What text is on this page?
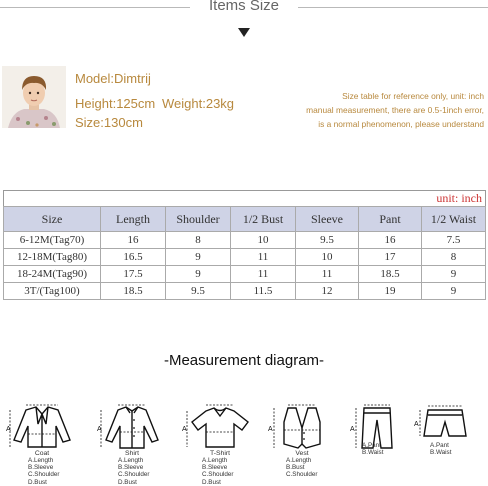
Items Size
Model:Dimtrij
Height:125cm Weight:23kg
Size:130cm
Size table for reference only, unit: inch
manual measurement, there are 0.5-1inch error,
is a normal phenomenon, please understand
						unit: inch
Size	Length	Shoulder	1/2 Bust	Sleeve	Pant	1/2 Waist
6-12M(Tag70)	16	8	10	9.5	16	7.5
12-18M(Tag80)	16.5	9	11	10	17	8
18-24M(Tag90)	17.5	9	11	11	18.5	9
3T/(Tag100)	18.5	9.5	11.5	12	19	9
-Measurement diagram-
A
Coat
A.Length
B.Sleeve
C.Shoulder
D.Bust
A
Shirt
A.Length
B.Sleeve
C.Shoulder
D.Bust
A
T-Shirt
A.Length
B.Sleeve
C.Shoulder
D.Bust
A
Vest
A.Length
B.Bust
C.Shoulder
A
A.Pant
B.Waist
A
A.Pant
B.Waist
